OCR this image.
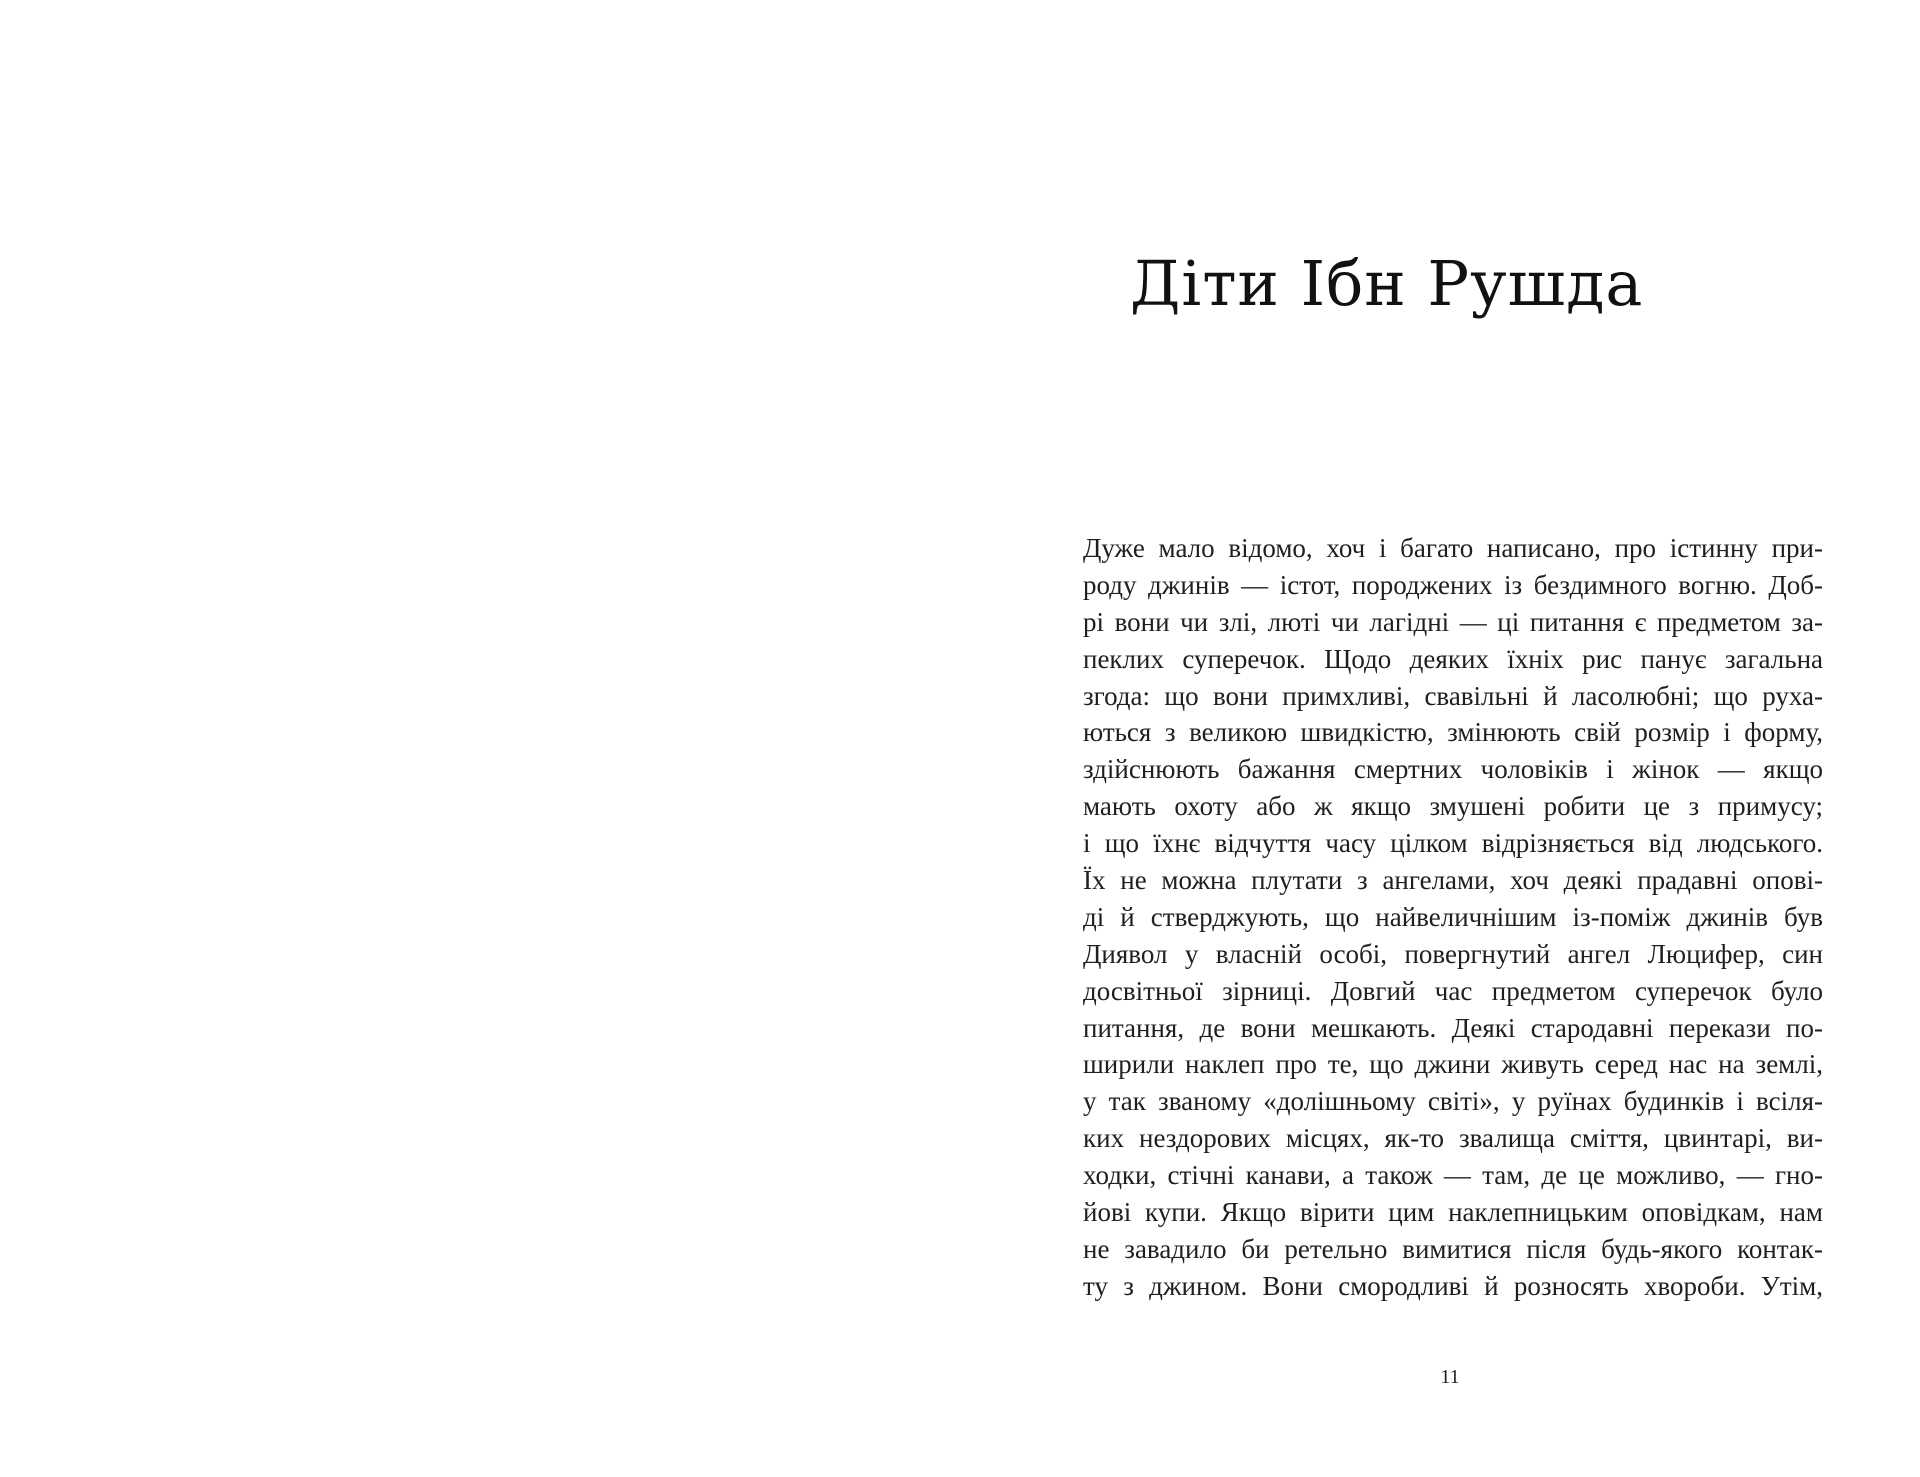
Діти Ібн Рушда
Дуже мало відомо, хоч і багато написано, про істинну при-
роду джинів — істот, породжених із бездимного вогню. Доб-
рі вони чи злі, люті чи лагідні — ці питання є предметом за-
пеклих суперечок. Щодо деяких їхніх рис панує загальна
згода: що вони примхливі, свавільні й ласолюбні; що руха-
ються з великою швидкістю, змінюють свій розмір і форму,
здійснюють бажання смертних чоловіків і жінок — якщо
мають охоту або ж якщо змушені робити це з примусу;
і що їхнє відчуття часу цілком відрізняється від людського.
Їх не можна плутати з ангелами, хоч деякі прадавні опові-
ді й стверджують, що найвеличнішим із-поміж джинів був
Диявол у власній особі, повергнутий ангел Люцифер, син
досвітньої зірниці. Довгий час предметом суперечок було
питання, де вони мешкають. Деякі стародавні перекази по-
ширили наклеп про те, що джини живуть серед нас на землі,
у так званому «долішньому світі», у руїнах будинків і всіля-
ких нездорових місцях, як-то звалища сміття, цвинтарі, ви-
ходки, стічні канави, а також — там, де це можливо, — гно-
йові купи. Якщо вірити цим наклепницьким оповідкам, нам
не завадило би ретельно вимитися після будь-якого контак-
ту з джином. Вони смородливі й розносять хвороби. Утім,
11
